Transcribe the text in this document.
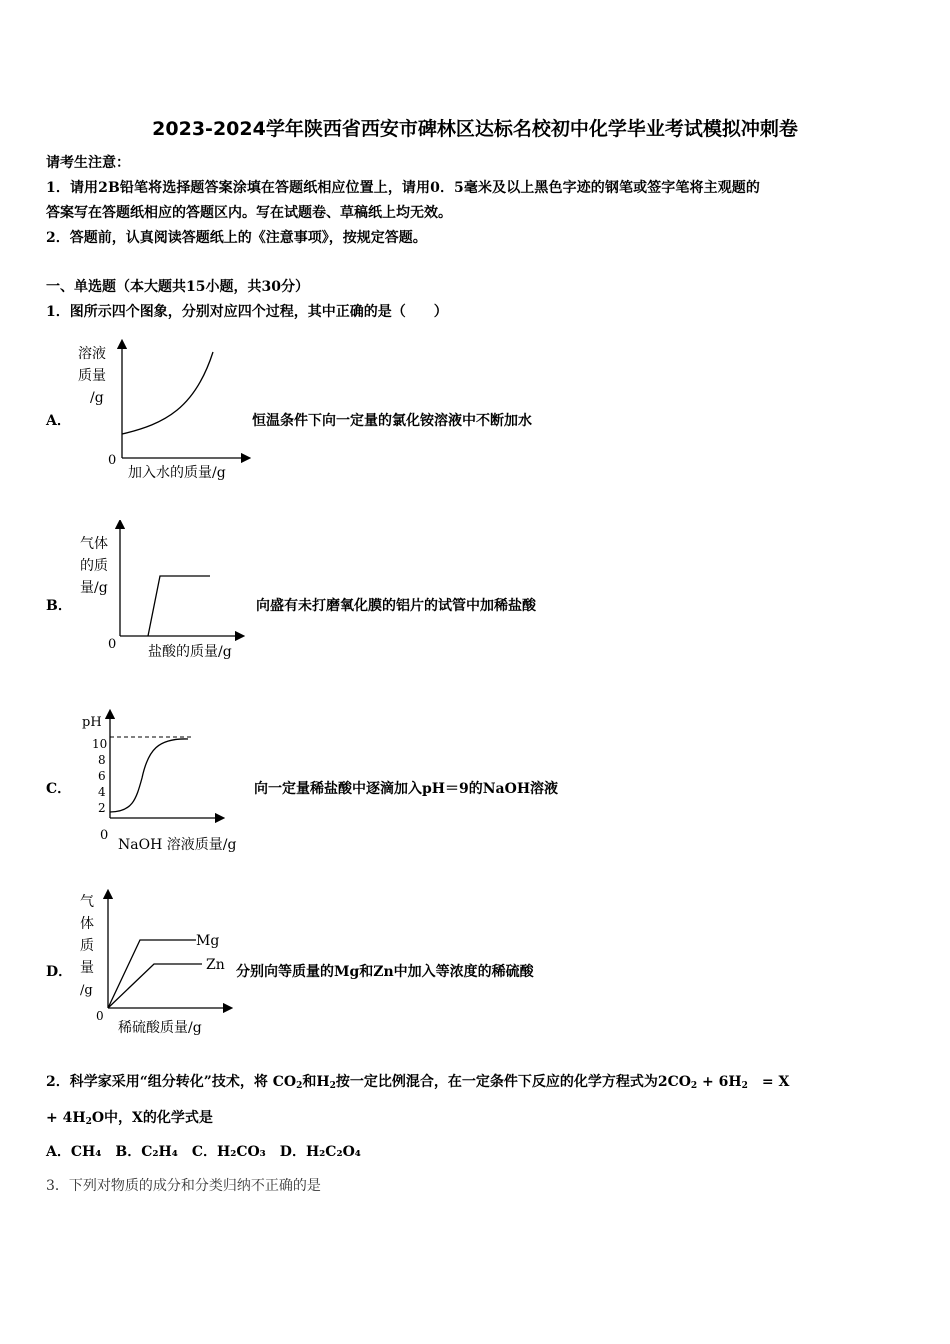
2023-2024学年陕西省西安市碑林区达标名校初中化学毕业考试模拟冲刺卷
请考生注意：
1．请用2B铅笔将选择题答案涂填在答题纸相应位置上，请用0．5毫米及以上黑色字迹的钢笔或签字笔将主观题的
答案写在答题纸相应的答题区内。写在试题卷、草稿纸上均无效。
2．答题前，认真阅读答题纸上的《注意事项》，按规定答题。
一、单选题（本大题共15小题，共30分）
1．图所示四个图象，分别对应四个过程，其中正确的是（　　）
A．
溶液
质量
/g
0
加入水的质量/g
恒温条件下向一定量的氯化铵溶液中不断加水
B．
气体
的质
量/g
0 盐酸的质量/g
向盛有未打磨氧化膜的铝片的试管中加稀盐酸
C．
pH
10
8
6
4
2
0
NaOH 溶液质量/g
向一定量稀盐酸中逐滴加入pH＝9的NaOH溶液
D．
Mg
Zn
气
体
质
量
/g
0
稀硫酸质量/g
分别向等质量的Mg和Zn中加入等浓度的稀硫酸
2．科学家采用“组分转化”技术，将 $CO_2$和$H_2$按一定比例混合，在一定条件下反应的化学方程式为$2CO_2 + 6H_2$　= X
+ $4H_2O$中，X的化学式是
A．CH₄　B．C₂H₄　C．H₂CO₃　D．H₂C₂O₄
3．下列对物质的成分和分类归纳不正确的是
